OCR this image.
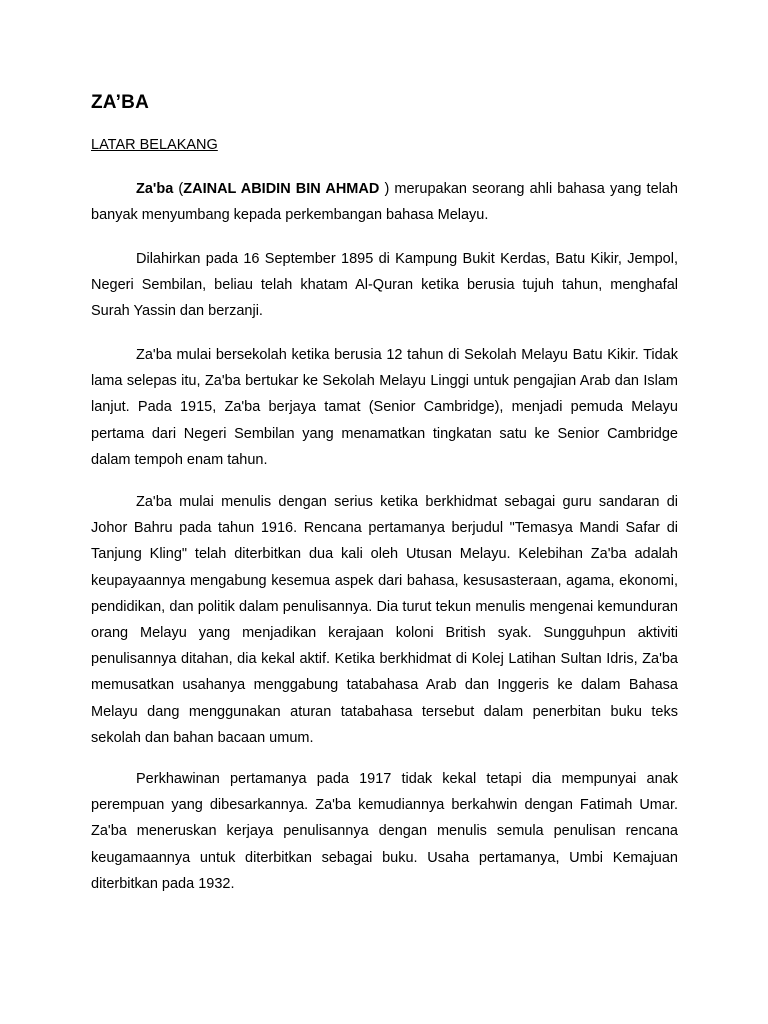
ZA’BA
LATAR BELAKANG

Za'ba (ZAINAL ABIDIN BIN AHMAD ) merupakan seorang ahli bahasa yang telah banyak menyumbang kepada perkembangan bahasa Melayu.

Dilahirkan pada 16 September 1895 di Kampung Bukit Kerdas, Batu Kikir, Jempol, Negeri Sembilan, beliau telah khatam Al-Quran ketika berusia tujuh tahun, menghafal Surah Yassin dan berzanji.

Za'ba mulai bersekolah ketika berusia 12 tahun di Sekolah Melayu Batu Kikir. Tidak lama selepas itu, Za'ba bertukar ke Sekolah Melayu Linggi untuk pengajian Arab dan Islam lanjut. Pada 1915, Za'ba berjaya tamat (Senior Cambridge), menjadi pemuda Melayu pertama dari Negeri Sembilan yang menamatkan tingkatan satu ke Senior Cambridge dalam tempoh enam tahun.

Za'ba mulai menulis dengan serius ketika berkhidmat sebagai guru sandaran di Johor Bahru pada tahun 1916. Rencana pertamanya berjudul "Temasya Mandi Safar di Tanjung Kling" telah diterbitkan dua kali oleh Utusan Melayu. Kelebihan Za'ba adalah keupayaannya mengabung kesemua aspek dari bahasa, kesusasteraan, agama, ekonomi, pendidikan, dan politik dalam penulisannya. Dia turut tekun menulis mengenai kemunduran orang Melayu yang menjadikan kerajaan koloni British syak. Sungguhpun aktiviti penulisannya ditahan, dia kekal aktif. Ketika berkhidmat di Kolej Latihan Sultan Idris, Za'ba memusatkan usahanya menggabung tatabahasa Arab dan Inggeris ke dalam Bahasa Melayu dang menggunakan aturan tatabahasa tersebut dalam penerbitan buku teks sekolah dan bahan bacaan umum.

Perkhawinan pertamanya pada 1917 tidak kekal tetapi dia mempunyai anak perempuan yang dibesarkannya. Za'ba kemudiannya berkahwin dengan Fatimah Umar. Za'ba meneruskan kerjaya penulisannya dengan menulis semula penulisan rencana keugamaannya untuk diterbitkan sebagai buku. Usaha pertamanya, Umbi Kemajuan diterbitkan pada 1932.
